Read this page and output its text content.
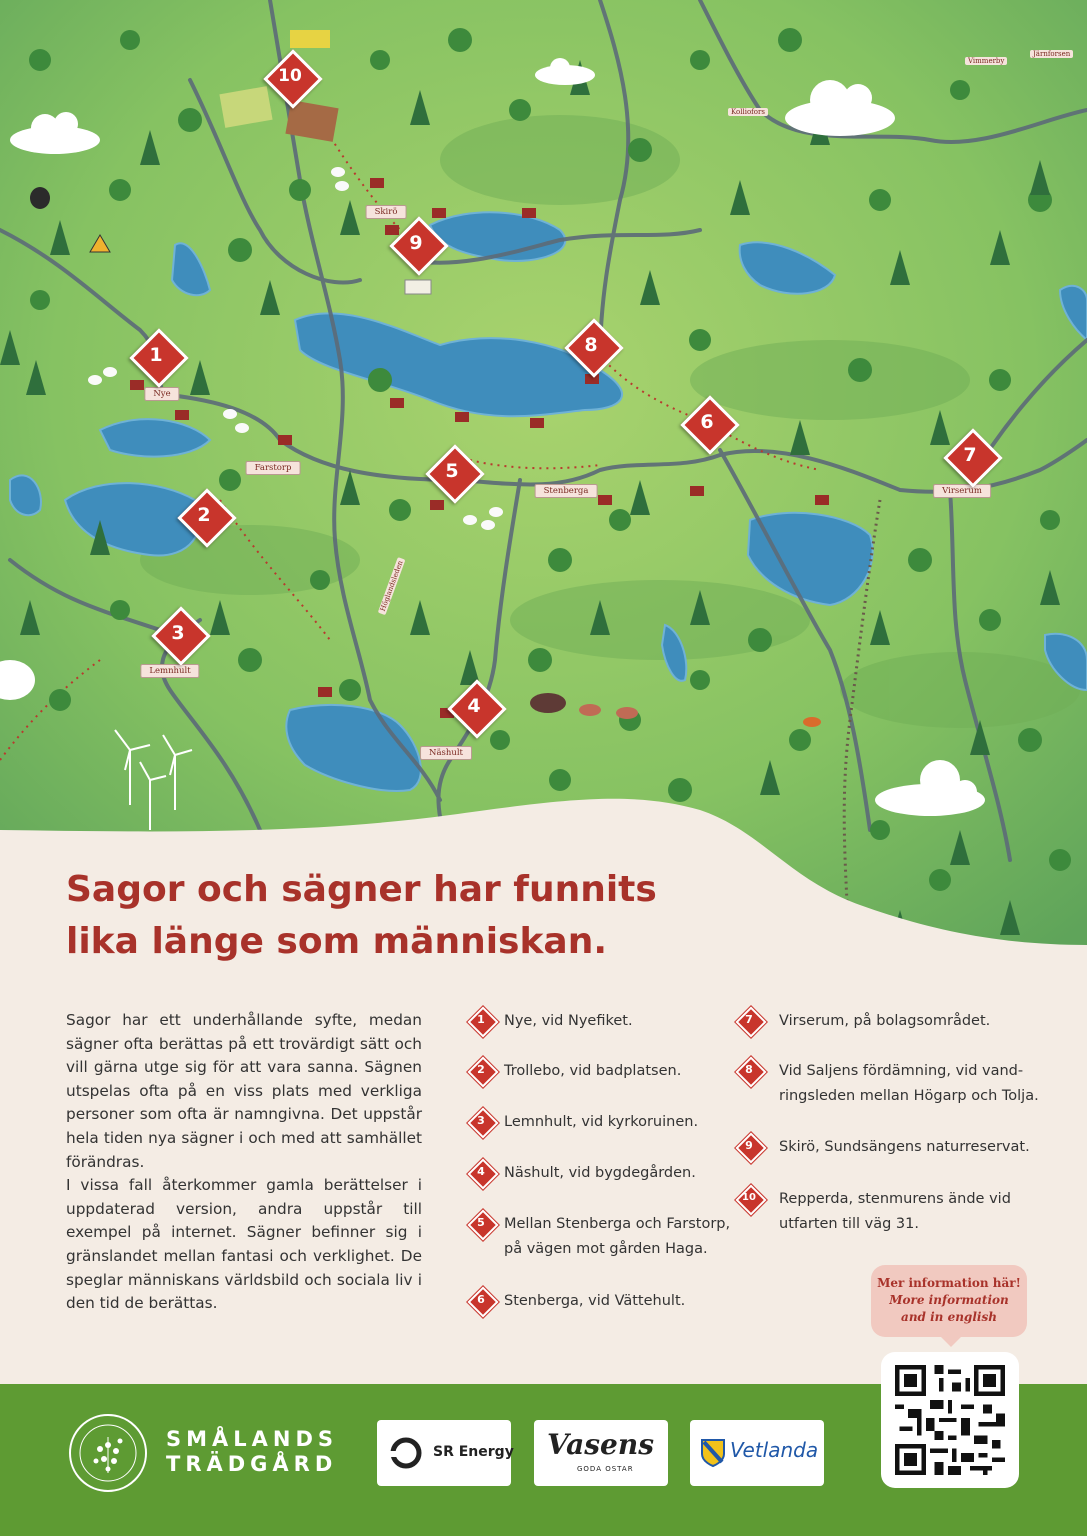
Nye
Farstorp
Lemnhult
Näshult
Stenberga
Skirö
Virserum
Kolliofors
Vimmerby
Järnforsen
Höglandsleden
1
2
3
4
5
6
7
8
9
10
Sagor och sägner har funnits
lika länge som människan.
Sagor har ett underhållande syfte, medan sägner ofta berättas på ett trovärdigt sätt och vill gärna utge sig för att vara sanna. Sägnen utspelas ofta på en viss plats med verkliga personer som ofta är namngivna. Det uppstår hela tiden nya sägner i och med att samhället förändras.
I vissa fall återkommer gamla berättelser i uppdaterad version, andra uppstår till exempel på internet. Sägner befinner sig i gränslandet mellan fantasi och verklighet. De speglar människans världsbild och sociala liv i den tid de berättas.
1	Nye, vid Nyefiket.
2	Trollebo, vid badplatsen.
3	Lemnhult, vid kyrkoruinen.
4	Näshult, vid bygdegården.
5	Mellan Stenberga och Farstorp,
på vägen mot gården Haga.
6	Stenberga, vid Vättehult.
7	Virserum, på bolagsområdet.
8	Vid Saljens fördämning, vid vand-
ringsleden mellan Högarp och Tolja.
9	Skirö, Sundsängens naturreservat.
10	Repperda, stenmurens ände vid
utfarten till väg 31.
Mer information här!
More information
and in english
SMÅLANDS
TRÄDGÅRD	SR Energy Vasens
GODA OSTAR
Vetlanda
